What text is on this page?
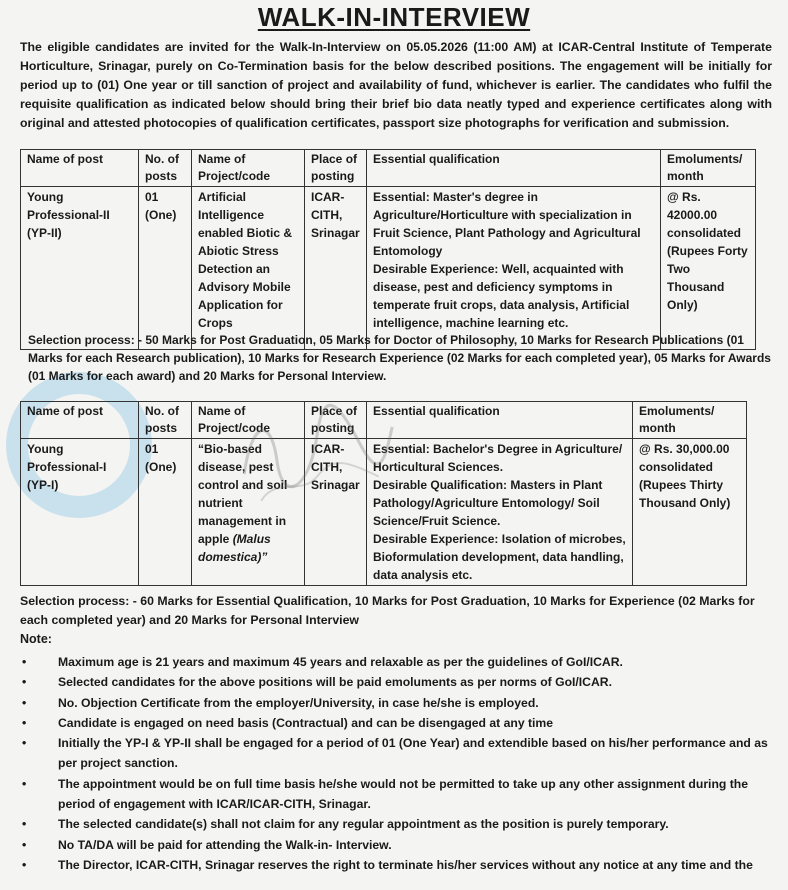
WALK-IN-INTERVIEW
The eligible candidates are invited for the Walk-In-Interview on 05.05.2026 (11:00 AM) at ICAR-Central Institute of Temperate Horticulture, Srinagar, purely on Co-Termination basis for the below described positions. The engagement will be initially for period up to (01) One year or till sanction of project and availability of fund, whichever is earlier. The candidates who fulfil the requisite qualification as indicated below should bring their brief bio data neatly typed and experience certificates along with original and attested photocopies of qualification certificates, passport size photographs for verification and submission.
Name of post	No. of posts	Name of Project/code	Place of posting	Essential qualification	Emoluments/ month
Young Professional-II (YP-II)	01 (One)	Artificial Intelligence enabled Biotic & Abiotic Stress Detection an Advisory Mobile Application for Crops	ICAR-CITH, Srinagar	Essential: Master's degree in Agriculture/Horticulture with specialization in Fruit Science, Plant Pathology and Agricultural Entomology
Desirable Experience: Well, acquainted with disease, pest and deficiency symptoms in temperate fruit crops, data analysis, Artificial intelligence, machine learning etc.	@ Rs. 42000.00 consolidated (Rupees Forty Two Thousand Only)
Selection process: - 50 Marks for Post Graduation, 05 Marks for Doctor of Philosophy, 10 Marks for Research Publications (01 Marks for each Research publication), 10 Marks for Research Experience (02 Marks for each completed year), 05 Marks for Awards (01 Marks for each award) and 20 Marks for Personal Interview.
Name of post	No. of posts	Name of Project/code	Place of posting	Essential qualification	Emoluments/ month
Young Professional-I (YP-I)	01 (One)	“Bio-based disease, pest control and soil nutrient management in apple (Malus domestica)”	ICAR-CITH, Srinagar	Essential: Bachelor's Degree in Agriculture/ Horticultural Sciences.
Desirable Qualification: Masters in Plant Pathology/Agriculture Entomology/ Soil Science/Fruit Science.
Desirable Experience: Isolation of microbes, Bioformulation development, data handling, data analysis etc.	@ Rs. 30,000.00 consolidated (Rupees Thirty Thousand Only)
Selection process: - 60 Marks for Essential Qualification, 10 Marks for Post Graduation, 10 Marks for Experience (02 Marks for each completed year) and 20 Marks for Personal Interview
Note:
•	Maximum age is 21 years and maximum 45 years and relaxable as per the guidelines of GoI/ICAR.
•	Selected candidates for the above positions will be paid emoluments as per norms of GoI/ICAR.
•	No. Objection Certificate from the employer/University, in case he/she is employed.
•	Candidate is engaged on need basis (Contractual) and can be disengaged at any time
•	Initially the YP-I & YP-II shall be engaged for a period of 01 (One Year) and extendible based on his/her performance and as per project sanction.
•	The appointment would be on full time basis he/she would not be permitted to take up any other assignment during the period of engagement with ICAR/ICAR-CITH, Srinagar.
•	The selected candidate(s) shall not claim for any regular appointment as the position is purely temporary.
•	No TA/DA will be paid for attending the Walk-in- Interview.
•	The Director, ICAR-CITH, Srinagar reserves the right to terminate his/her services without any notice at any time and the
